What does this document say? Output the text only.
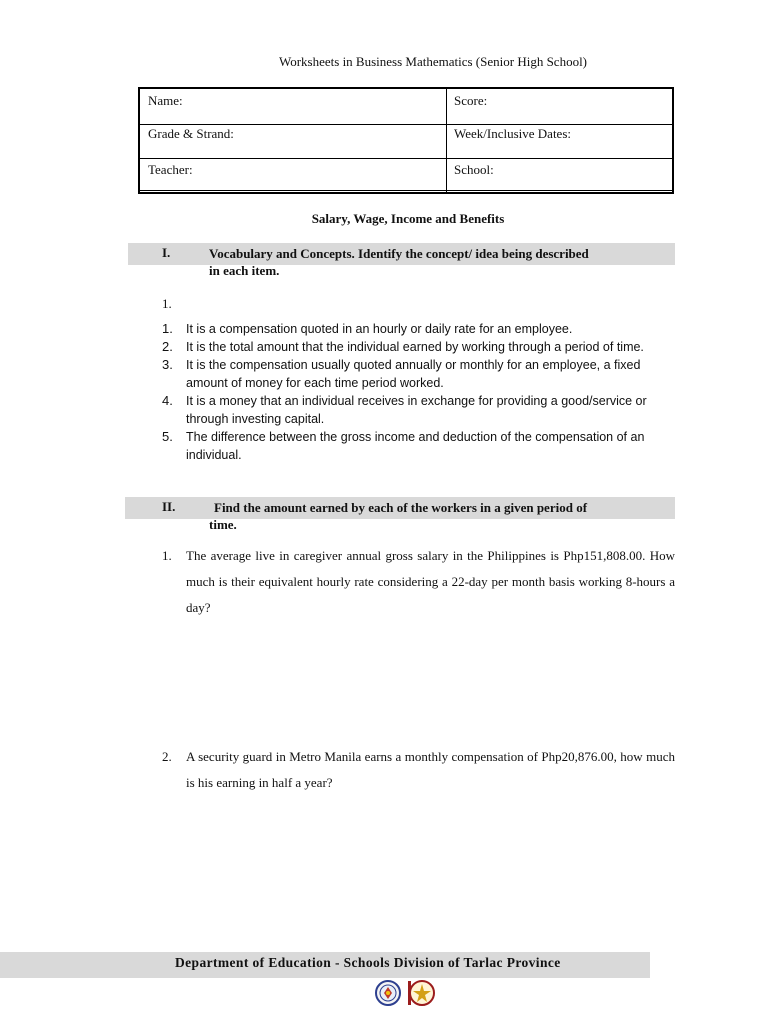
Worksheets in Business Mathematics (Senior High School)
Name:	Score:
Grade & Strand:	Week/Inclusive Dates:
Teacher:	School:
Salary, Wage, Income and Benefits
I.	Vocabulary and Concepts. Identify the concept/ idea being described
in each item.
1.
1. It is a compensation quoted in an hourly or daily rate for an employee.
2. It is the total amount that the individual earned by working through a period of time.
3. It is the compensation usually quoted annually or monthly for an employee, a fixed amount of money for each time period worked.
4. It is a money that an individual receives in exchange for providing a good/service or through investing capital.
5. The difference between the gross income and deduction of the compensation of an individual.
II.	Find the amount earned by each of the workers in a given period of
time.
1. The average live in caregiver annual gross salary in the Philippines is Php151,808.00. How much is their equivalent hourly rate considering a 22-day per month basis working 8-hours a day?
2. A security guard in Metro Manila earns a monthly compensation of Php20,876.00, how much is his earning in half a year?
Department of Education - Schools Division of Tarlac Province
